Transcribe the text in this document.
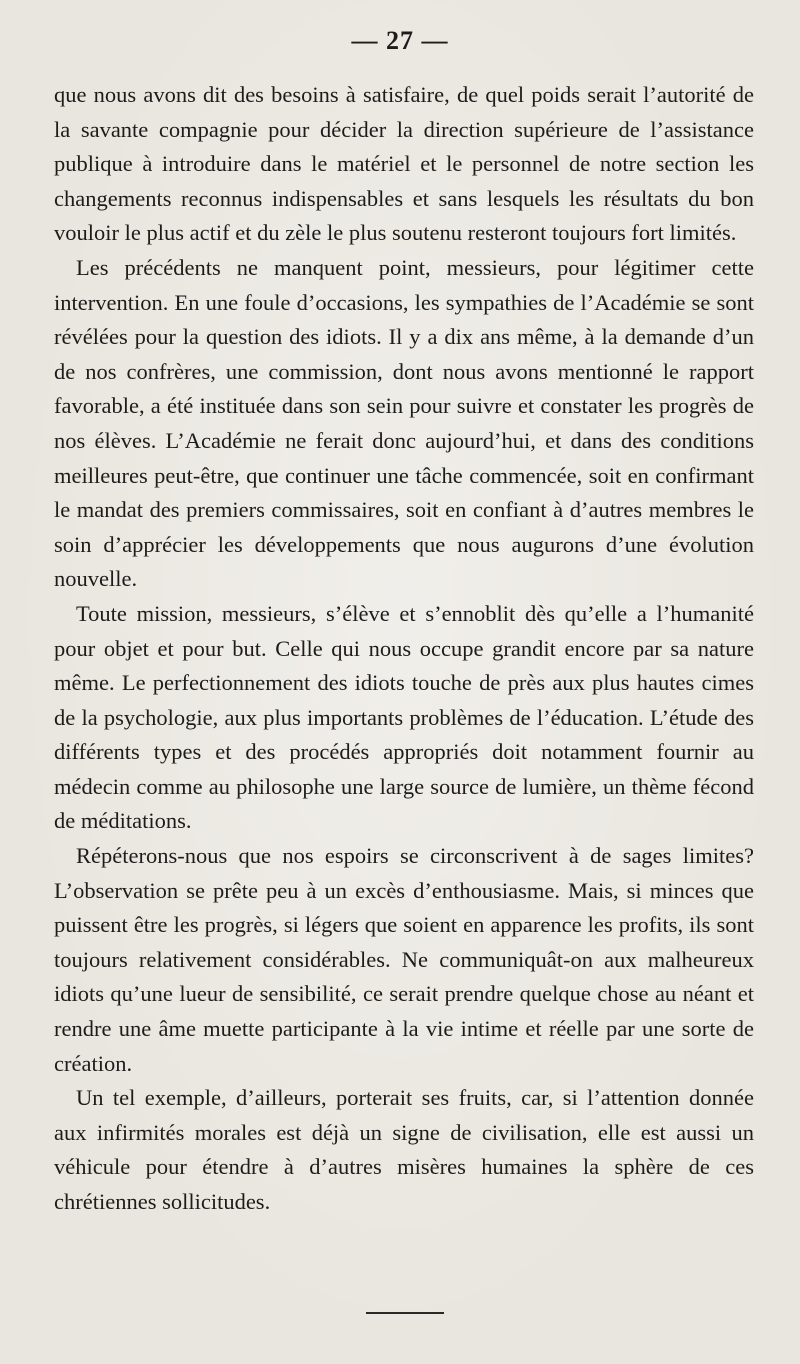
— 27 —

que nous avons dit des besoins à satisfaire, de quel poids serait l’autorité de la savante compagnie pour décider la direction supérieure de l’assistance publique à introduire dans le matériel et le personnel de notre section les changements reconnus indispensables et sans lesquels les résultats du bon vouloir le plus actif et du zèle le plus soutenu resteront toujours fort limités.

Les précédents ne manquent point, messieurs, pour légitimer cette intervention. En une foule d’occasions, les sympathies de l’Académie se sont révélées pour la question des idiots. Il y a dix ans même, à la demande d’un de nos confrères, une commission, dont nous avons mentionné le rapport favorable, a été instituée dans son sein pour suivre et constater les progrès de nos élèves. L’Académie ne ferait donc aujourd’hui, et dans des conditions meilleures peut-être, que continuer une tâche commencée, soit en confirmant le mandat des premiers commissaires, soit en confiant à d’autres membres le soin d’apprécier les développements que nous augurons d’une évolution nouvelle.

Toute mission, messieurs, s’élève et s’ennoblit dès qu’elle a l’humanité pour objet et pour but. Celle qui nous occupe grandit encore par sa nature même. Le perfectionnement des idiots touche de près aux plus hautes cimes de la psychologie, aux plus importants problèmes de l’éducation. L’étude des différents types et des procédés appropriés doit notamment fournir au médecin comme au philosophe une large source de lumière, un thème fécond de méditations.

Répéterons-nous que nos espoirs se circonscrivent à de sages limites? L’observation se prête peu à un excès d’enthousiasme. Mais, si minces que puissent être les progrès, si légers que soient en apparence les profits, ils sont toujours relativement considérables. Ne communiquât-on aux malheureux idiots qu’une lueur de sensibilité, ce serait prendre quelque chose au néant et rendre une âme muette participante à la vie intime et réelle par une sorte de création.

Un tel exemple, d’ailleurs, porterait ses fruits, car, si l’attention donnée aux infirmités morales est déjà un signe de civilisation, elle est aussi un véhicule pour étendre à d’autres misères humaines la sphère de ces chrétiennes sollicitudes.
